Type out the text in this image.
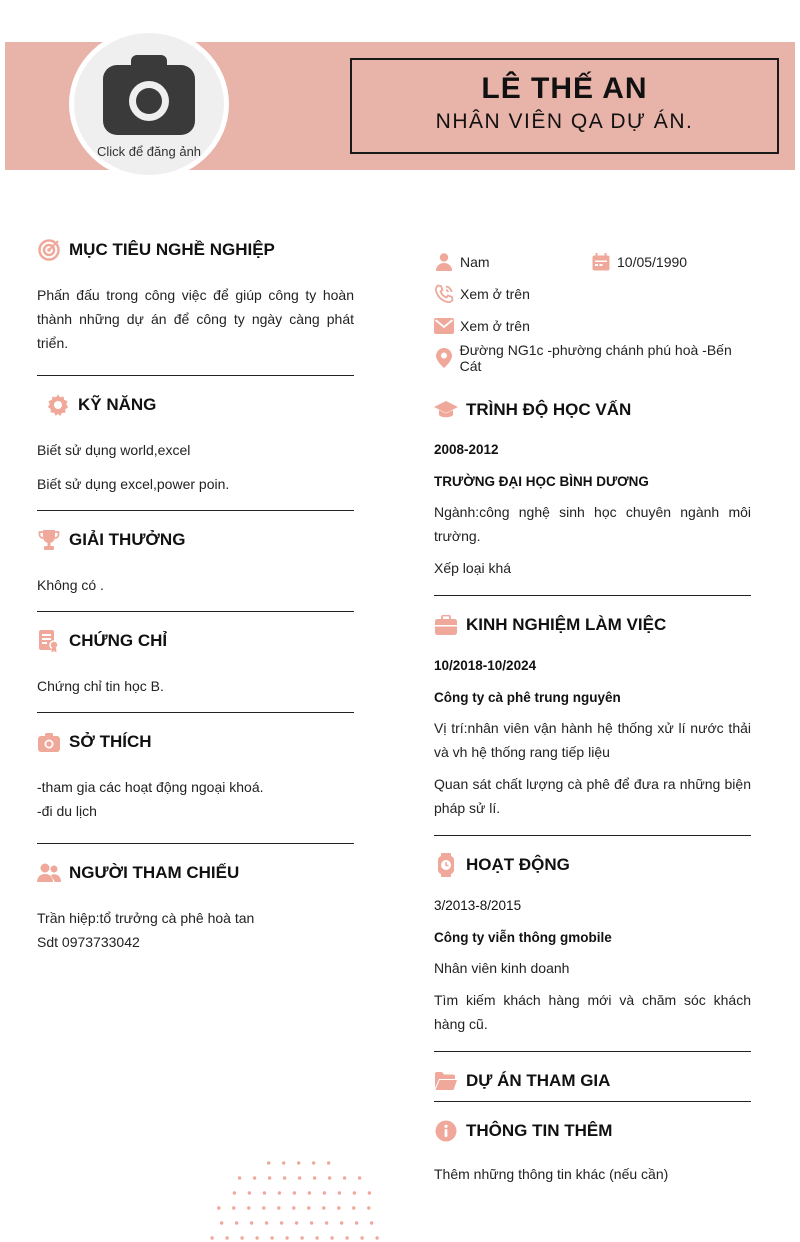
Click để đăng ảnh
LÊ THẾ AN
NHÂN VIÊN QA DỰ ÁN.
MỤC TIÊU NGHỀ NGHIỆP
Phấn đấu trong công việc để giúp công ty hoàn thành những dự án để công ty ngày càng phát triển.
KỸ NĂNG
Biết sử dụng world,excel
Biết sử dụng excel,power poin.
GIẢI THƯỞNG
Không có .
CHỨNG CHỈ
Chứng chỉ tin học B.
SỞ THÍCH
-tham gia các hoạt động ngoại khoá.
-đi du lịch
NGƯỜI THAM CHIẾU
Trần hiệp:tổ trưởng cà phê hoà tan
Sdt 0973733042
Nam	10/05/1990
Xem ở trên
Xem ở trên
Đường NG1c -phường chánh phú hoà -Bến Cát
TRÌNH ĐỘ HỌC VẤN
2008-2012
TRƯỜNG ĐẠI HỌC BÌNH DƯƠNG
Ngành:công nghệ sinh học chuyên ngành môi trường.
Xếp loại khá
KINH NGHIỆM LÀM VIỆC
10/2018-10/2024
Công ty cà phê trung nguyên
Vị trí:nhân viên vận hành hệ thống xử lí nước thải và vh hệ thống rang tiếp liệu
Quan sát chất lượng cà phê để đưa ra những biện pháp sử lí.
HOẠT ĐỘNG
3/2013-8/2015
Công ty viễn thông gmobile
Nhân viên kinh doanh
Tìm kiếm khách hàng mới và chăm sóc khách hàng cũ.
DỰ ÁN THAM GIA
THÔNG TIN THÊM
Thêm những thông tin khác (nếu cần)
